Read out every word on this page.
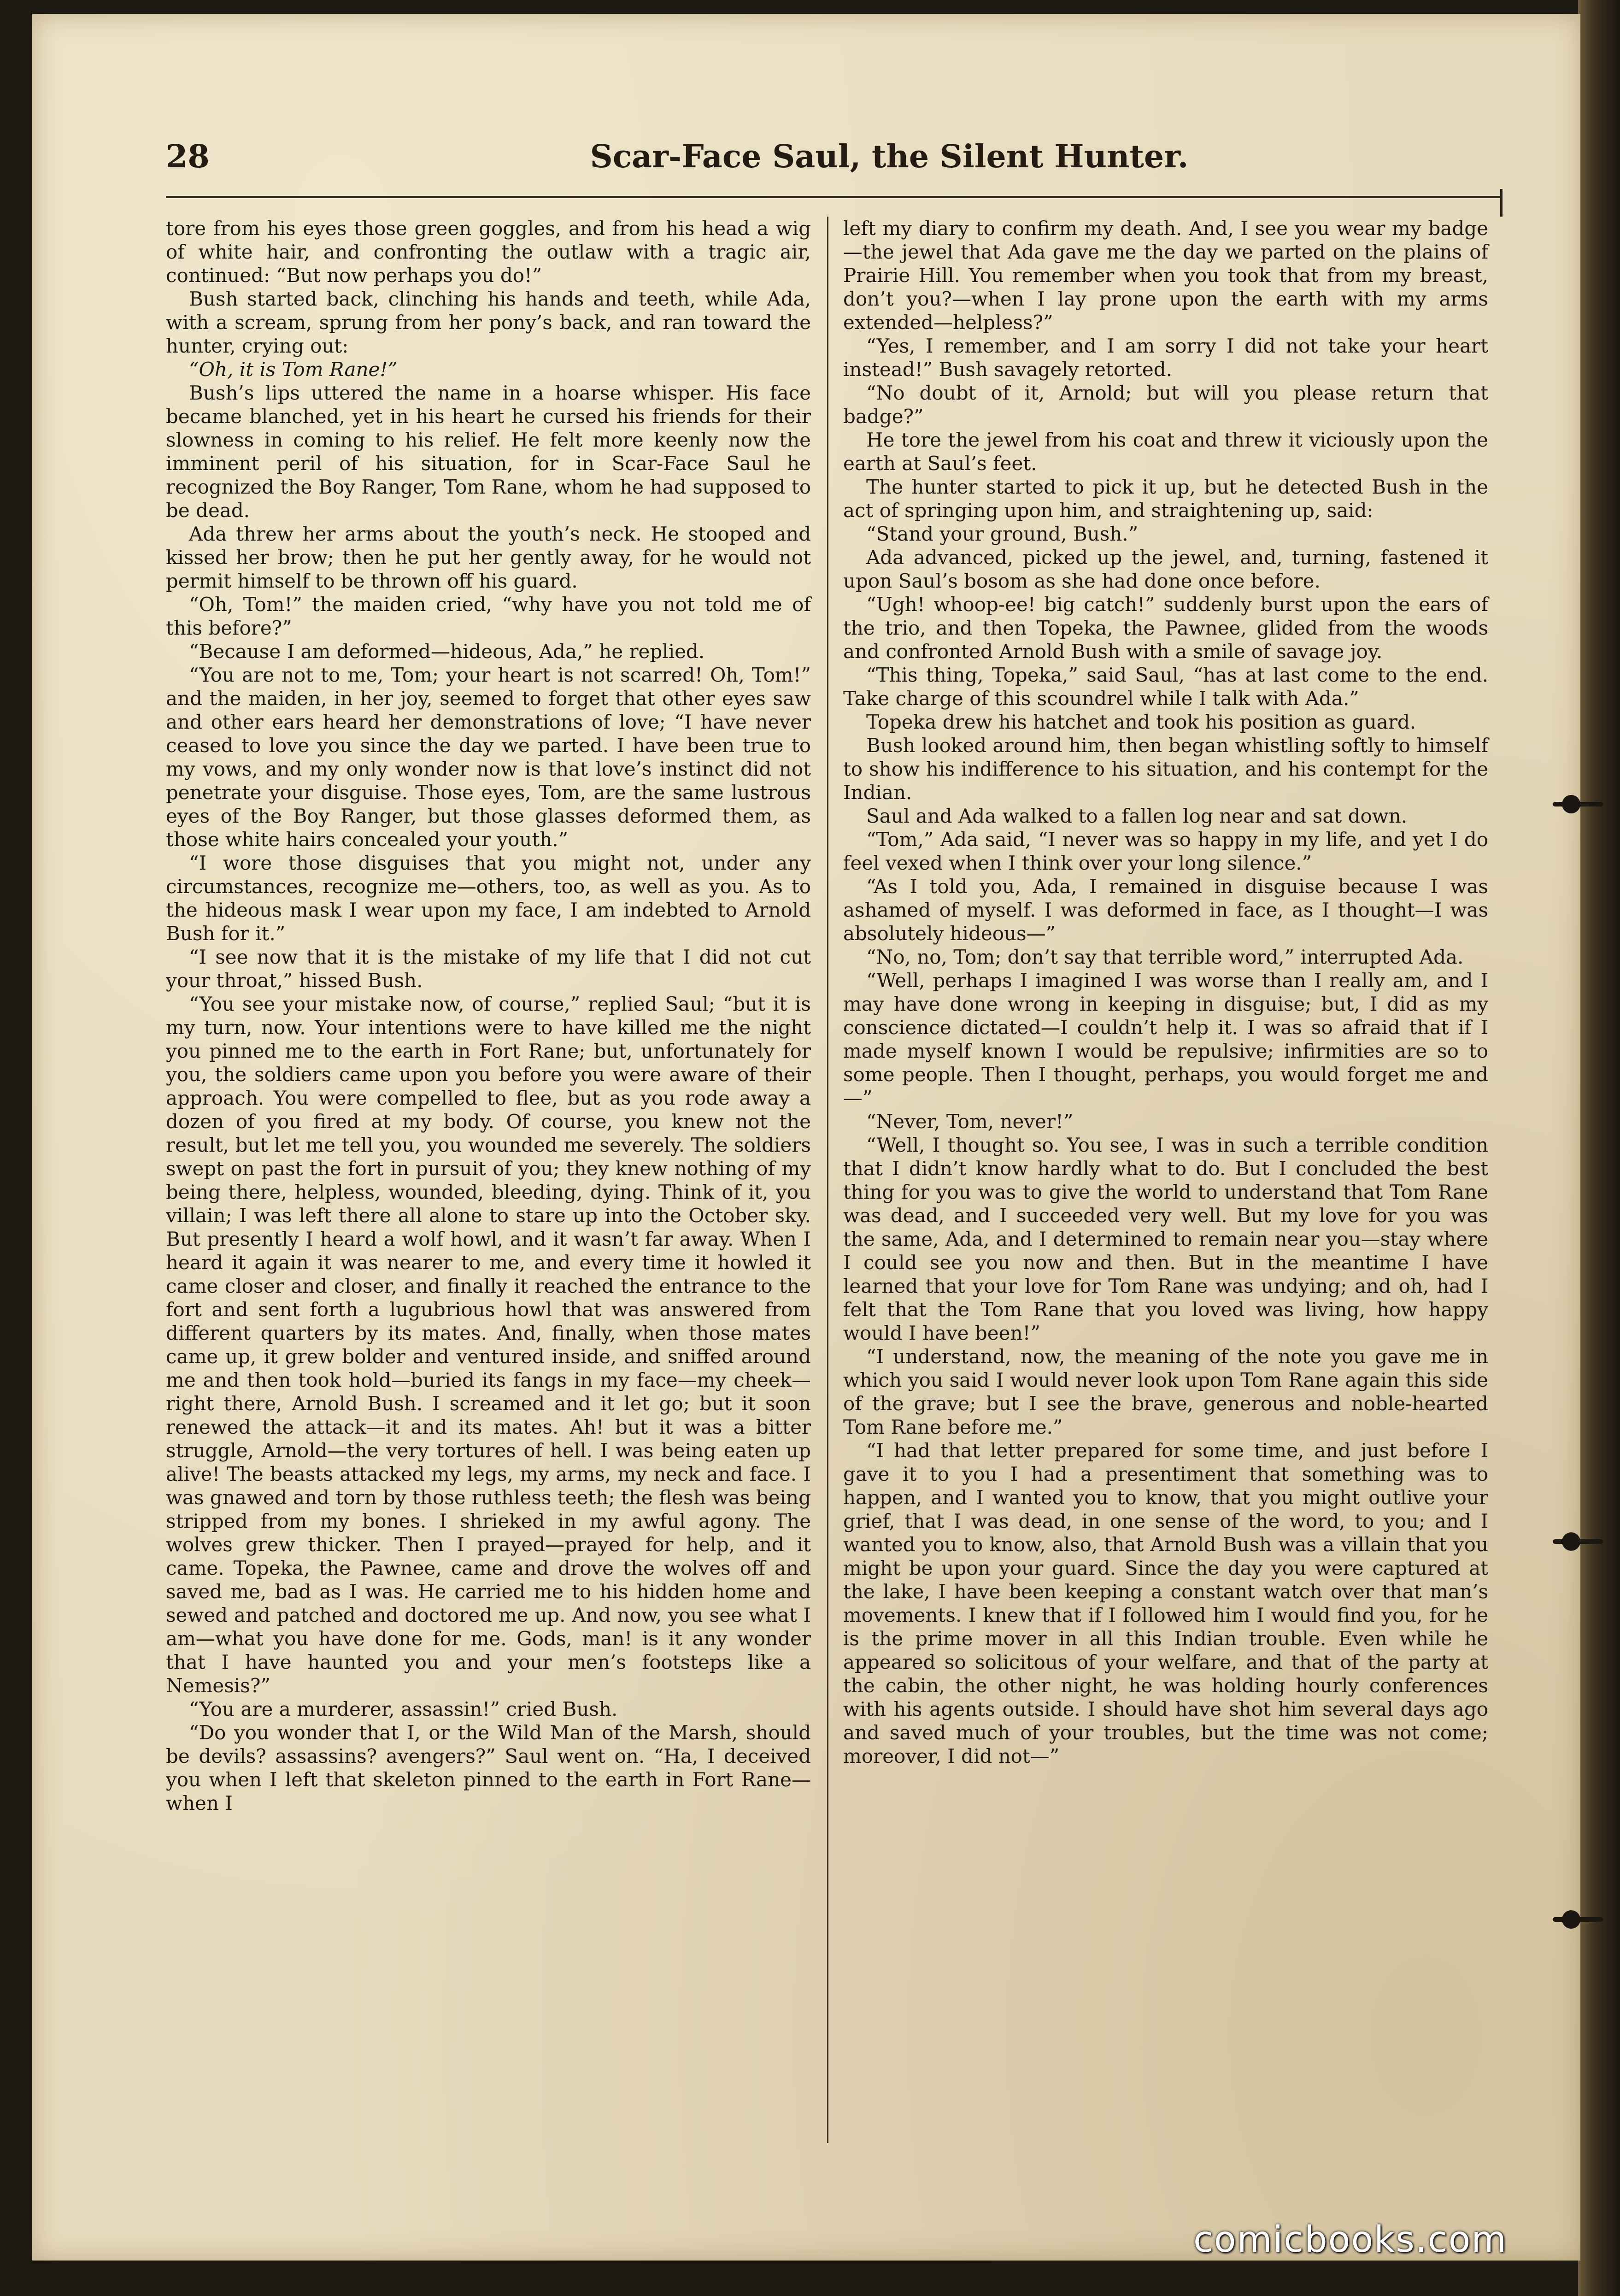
28	Scar-Face Saul, the Silent Hunter.

tore from his eyes those green goggles, and from his head a wig of white hair, and confronting the outlaw with a tragic air, continued: “But now perhaps you do!”

Bush started back, clinching his hands and teeth, while Ada, with a scream, sprung from her pony’s back, and ran toward the hunter, crying out:

“Oh, it is Tom Rane!”

Bush’s lips uttered the name in a hoarse whisper. His face became blanched, yet in his heart he cursed his friends for their slowness in coming to his relief. He felt more keenly now the imminent peril of his situation, for in Scar-Face Saul he recognized the Boy Ranger, Tom Rane, whom he had supposed to be dead.

Ada threw her arms about the youth’s neck. He stooped and kissed her brow; then he put her gently away, for he would not permit himself to be thrown off his guard.

“Oh, Tom!” the maiden cried, “why have you not told me of this before?”

“Because I am deformed—hideous, Ada,” he replied.

“You are not to me, Tom; your heart is not scarred! Oh, Tom!” and the maiden, in her joy, seemed to forget that other eyes saw and other ears heard her demonstrations of love; “I have never ceased to love you since the day we parted. I have been true to my vows, and my only wonder now is that love’s instinct did not penetrate your disguise. Those eyes, Tom, are the same lustrous eyes of the Boy Ranger, but those glasses deformed them, as those white hairs concealed your youth.”

“I wore those disguises that you might not, under any circumstances, recognize me—others, too, as well as you. As to the hideous mask I wear upon my face, I am indebted to Arnold Bush for it.”

“I see now that it is the mistake of my life that I did not cut your throat,” hissed Bush.

“You see your mistake now, of course,” replied Saul; “but it is my turn, now. Your intentions were to have killed me the night you pinned me to the earth in Fort Rane; but, unfortunately for you, the soldiers came upon you before you were aware of their approach. You were compelled to flee, but as you rode away a dozen of you fired at my body. Of course, you knew not the result, but let me tell you, you wounded me severely. The soldiers swept on past the fort in pursuit of you; they knew nothing of my being there, helpless, wounded, bleeding, dying. Think of it, you villain; I was left there all alone to stare up into the October sky. But presently I heard a wolf howl, and it wasn’t far away. When I heard it again it was nearer to me, and every time it howled it came closer and closer, and finally it reached the entrance to the fort and sent forth a lugubrious howl that was answered from different quarters by its mates. And, finally, when those mates came up, it grew bolder and ventured inside, and sniffed around me and then took hold—buried its fangs in my face—my cheek—right there, Arnold Bush. I screamed and it let go; but it soon renewed the attack—it and its mates. Ah! but it was a bitter struggle, Arnold—the very tortures of hell. I was being eaten up alive! The beasts attacked my legs, my arms, my neck and face. I was gnawed and torn by those ruthless teeth; the flesh was being stripped from my bones. I shrieked in my awful agony. The wolves grew thicker. Then I prayed—prayed for help, and it came. Topeka, the Pawnee, came and drove the wolves off and saved me, bad as I was. He carried me to his hidden home and sewed and patched and doctored me up. And now, you see what I am—what you have done for me. Gods, man! is it any wonder that I have haunted you and your men’s footsteps like a Nemesis?”

“You are a murderer, assassin!” cried Bush.

“Do you wonder that I, or the Wild Man of the Marsh, should be devils? assassins? avengers?” Saul went on. “Ha, I deceived you when I left that skeleton pinned to the earth in Fort Rane—when I

left my diary to confirm my death. And, I see you wear my badge—the jewel that Ada gave me the day we parted on the plains of Prairie Hill. You remember when you took that from my breast, don’t you?—when I lay prone upon the earth with my arms extended—helpless?”

“Yes, I remember, and I am sorry I did not take your heart instead!” Bush savagely retorted.

“No doubt of it, Arnold; but will you please return that badge?”

He tore the jewel from his coat and threw it viciously upon the earth at Saul’s feet.

The hunter started to pick it up, but he detected Bush in the act of springing upon him, and straightening up, said:

“Stand your ground, Bush.”

Ada advanced, picked up the jewel, and, turning, fastened it upon Saul’s bosom as she had done once before.

“Ugh! whoop-ee! big catch!” suddenly burst upon the ears of the trio, and then Topeka, the Pawnee, glided from the woods and confronted Arnold Bush with a smile of savage joy.

“This thing, Topeka,” said Saul, “has at last come to the end. Take charge of this scoundrel while I talk with Ada.”

Topeka drew his hatchet and took his position as guard.

Bush looked around him, then began whistling softly to himself to show his indifference to his situation, and his contempt for the Indian.

Saul and Ada walked to a fallen log near and sat down.

“Tom,” Ada said, “I never was so happy in my life, and yet I do feel vexed when I think over your long silence.”

“As I told you, Ada, I remained in disguise because I was ashamed of myself. I was deformed in face, as I thought—I was absolutely hideous—”

“No, no, Tom; don’t say that terrible word,” interrupted Ada.

“Well, perhaps I imagined I was worse than I really am, and I may have done wrong in keeping in disguise; but, I did as my conscience dictated—I couldn’t help it. I was so afraid that if I made myself known I would be repulsive; infirmities are so to some people. Then I thought, perhaps, you would forget me and—”

“Never, Tom, never!”

“Well, I thought so. You see, I was in such a terrible condition that I didn’t know hardly what to do. But I concluded the best thing for you was to give the world to understand that Tom Rane was dead, and I succeeded very well. But my love for you was the same, Ada, and I determined to remain near you—stay where I could see you now and then. But in the meantime I have learned that your love for Tom Rane was undying; and oh, had I felt that the Tom Rane that you loved was living, how happy would I have been!”

“I understand, now, the meaning of the note you gave me in which you said I would never look upon Tom Rane again this side of the grave; but I see the brave, generous and noble-hearted Tom Rane before me.”

“I had that letter prepared for some time, and just before I gave it to you I had a presentiment that something was to happen, and I wanted you to know, that you might outlive your grief, that I was dead, in one sense of the word, to you; and I wanted you to know, also, that Arnold Bush was a villain that you might be upon your guard. Since the day you were captured at the lake, I have been keeping a constant watch over that man’s movements. I knew that if I followed him I would find you, for he is the prime mover in all this Indian trouble. Even while he appeared so solicitous of your welfare, and that of the party at the cabin, the other night, he was holding hourly conferences with his agents outside. I should have shot him several days ago and saved much of your troubles, but the time was not come; moreover, I did not—”

comicbooks.com
